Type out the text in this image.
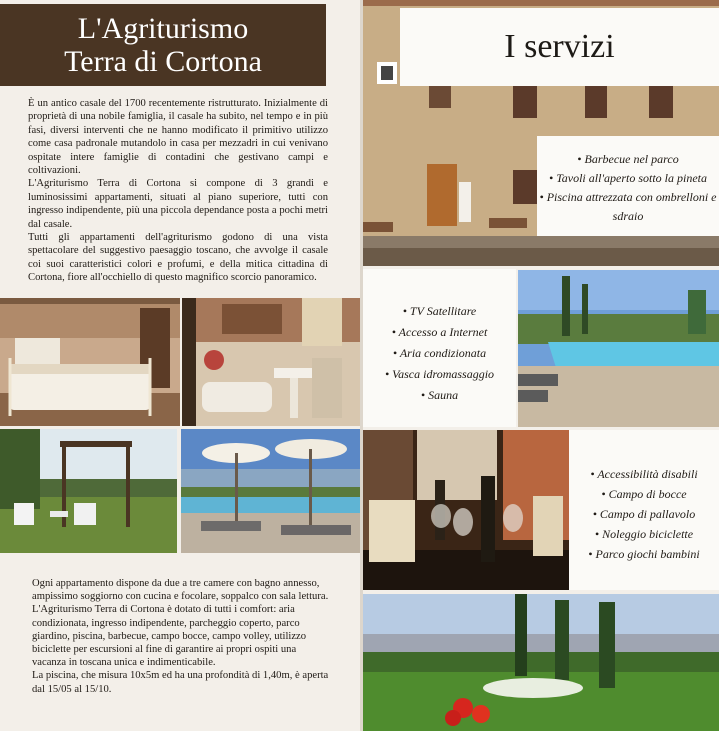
L'Agriturismo
Terra di Cortona

È un antico casale del 1700 recentemente ristrutturato. Inizialmente di proprietà di una nobile famiglia, il casale ha subito, nel tempo e in più fasi, diversi interventi che ne hanno modificato il primitivo utilizzo come casa padronale mutandolo in casa per mezzadri in cui venivano ospitate intere famiglie di contadini che gestivano campi e coltivazioni.

L'Agriturismo Terra di Cortona si compone di 3 grandi e luminosissimi appartamenti, situati al piano superiore, tutti con ingresso indipendente, più una piccola dependance posta a pochi metri dal casale.

Tutti gli appartamenti dell'agriturismo godono di una vista spettacolare del suggestivo paesaggio toscano, che avvolge il casale coi suoi caratteristici colori e profumi, e della mitica cittadina di Cortona, fiore all'occhiello di questo magnifico scorcio panoramico.

Ogni appartamento dispone da due a tre camere con bagno annesso, ampissimo soggiorno con cucina e focolare, soppalco con sala lettura.

L'Agriturismo Terra di Cortona è dotato di tutti i comfort: aria condizionata, ingresso indipendente, parcheggio coperto, parco giardino, piscina, barbecue, campo bocce, campo volley, utilizzo biciclette per escursioni al fine di garantire ai propri ospiti una vacanza in toscana unica e indimenticabile.

La piscina, che misura 10x5m ed ha una profondità di 1,40m, è aperta dal 15/05 al 15/10.

I servizi
• Barbecue nel parco
• Tavoli all'aperto sotto la pineta
• Piscina attrezzata con ombrelloni e sdraio
• TV Satellitare
• Accesso a Internet
• Aria condizionata
• Vasca idromassaggio
• Sauna
• Accessibilità disabili
• Campo di bocce
• Campo di pallavolo
• Noleggio biciclette
• Parco giochi bambini
